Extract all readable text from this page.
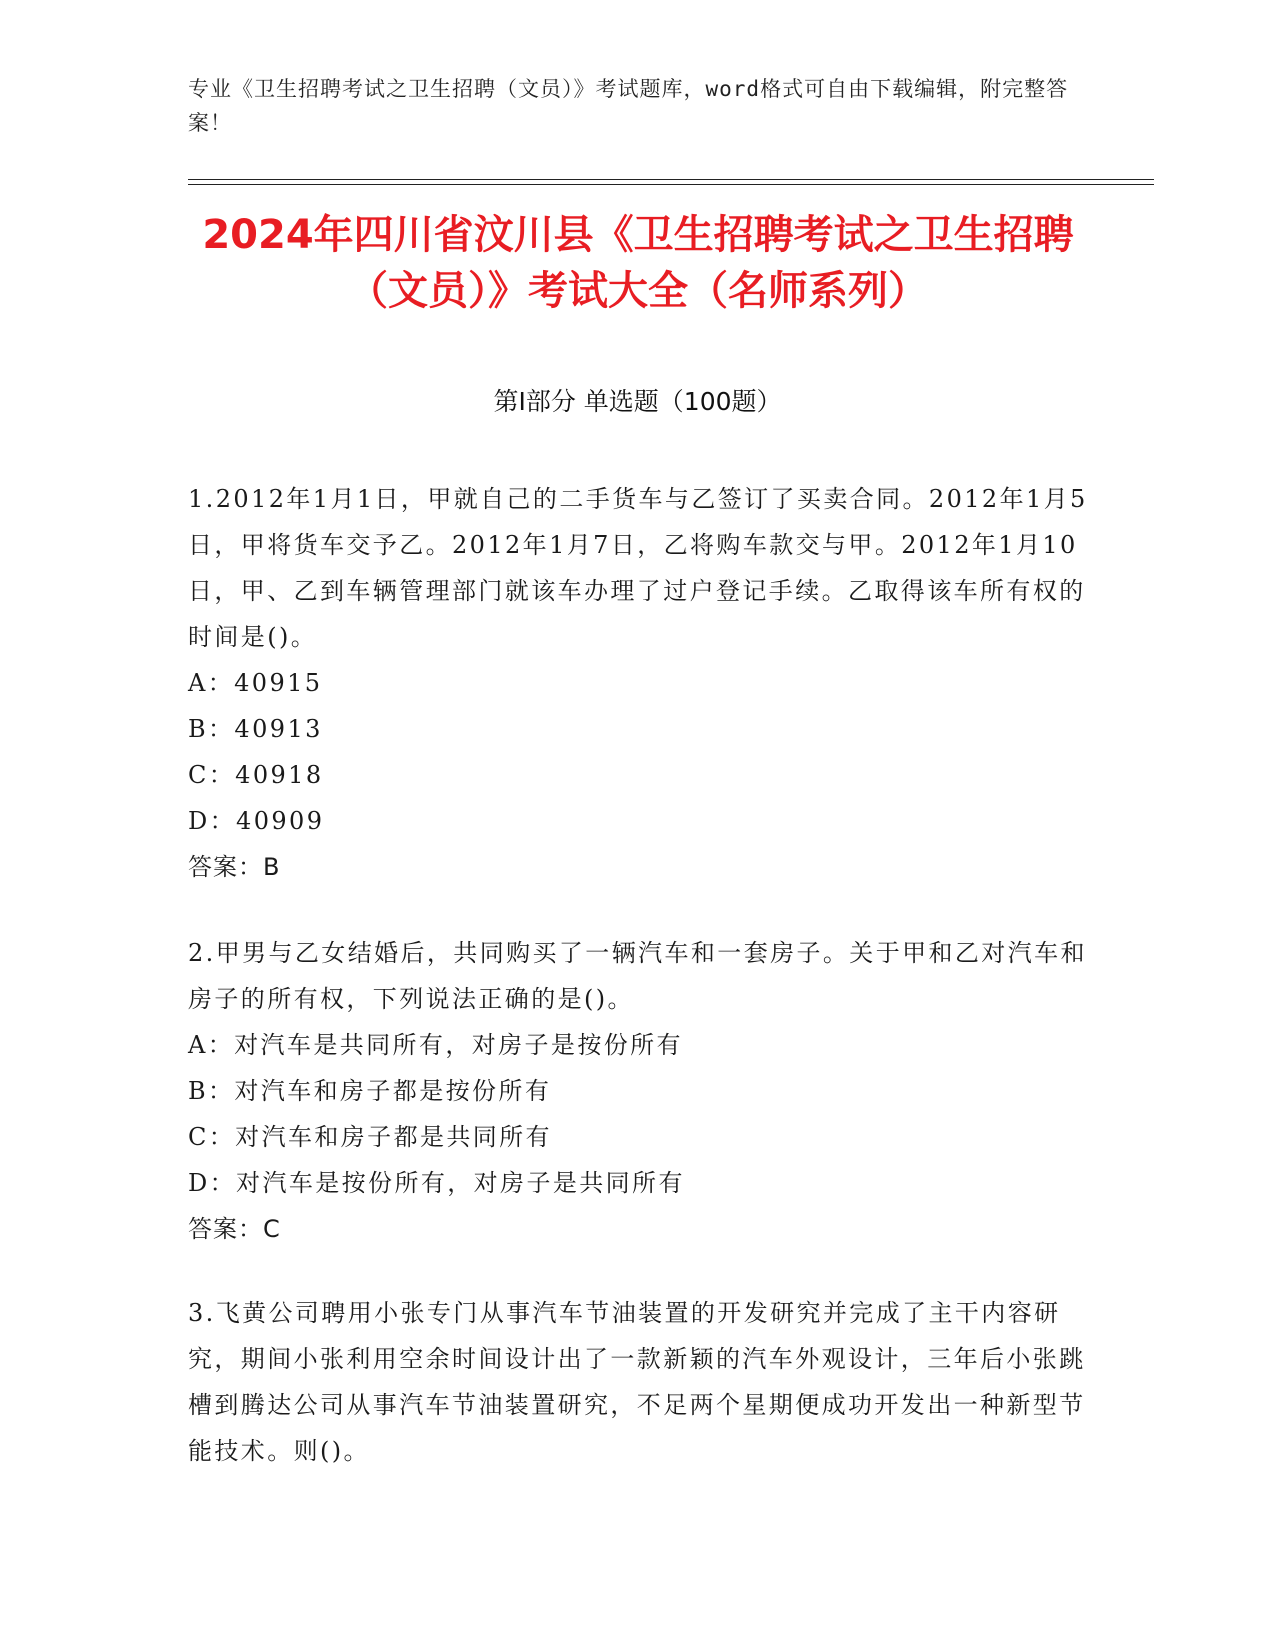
专业《卫生招聘考试之卫生招聘（文员）》考试题库，word格式可自由下载编辑，附完整答案！
2024年四川省汶川县《卫生招聘考试之卫生招聘（文员）》考试大全（名师系列）
第Ⅰ部分 单选题（100题）
1.2012年1月1日，甲就自己的二手货车与乙签订了买卖合同。2012年1月5日，甲将货车交予乙。2012年1月7日，乙将购车款交与甲。2012年1月10日，甲、乙到车辆管理部门就该车办理了过户登记手续。乙取得该车所有权的时间是()。
A：40915
B：40913
C：40918
D：40909
答案：B
2.甲男与乙女结婚后，共同购买了一辆汽车和一套房子。关于甲和乙对汽车和房子的所有权，下列说法正确的是()。
A：对汽车是共同所有，对房子是按份所有
B：对汽车和房子都是按份所有
C：对汽车和房子都是共同所有
D：对汽车是按份所有，对房子是共同所有
答案：C
3.飞黄公司聘用小张专门从事汽车节油装置的开发研究并完成了主干内容研究，期间小张利用空余时间设计出了一款新颖的汽车外观设计，三年后小张跳槽到腾达公司从事汽车节油装置研究，不足两个星期便成功开发出一种新型节能技术。则()。
